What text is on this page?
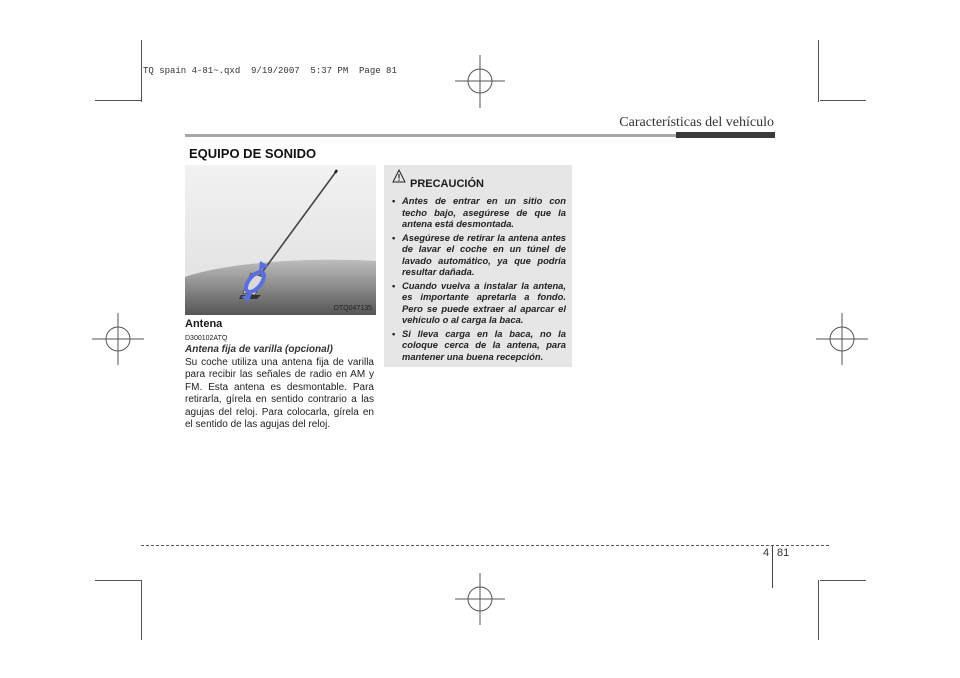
TQ spain 4-81~.qxd  9/19/2007  5:37 PM  Page 81
Características del vehículo
EQUIPO DE SONIDO
OTQ047135
Antena
D300102ATQ
Antena fija de varilla (opcional)
Su coche utiliza una antena fija de varilla para recibir las señales de radio en AM y FM. Esta antena es desmontable. Para retirarla, gírela en sentido contrario a las agujas del reloj. Para colocarla, gírela en el sentido de las agujas del reloj.
PRECAUCIÓN
• Antes de entrar en un sitio con techo bajo, asegúrese de que la antena está desmontada.
• Asegúrese de retirar la antena antes de lavar el coche en un túnel de lavado automático, ya que podría resultar dañada.
• Cuando vuelva a instalar la antena, es importante apretarla a fondo. Pero se puede extraer al aparcar el vehículo o al carga la baca.
• Si lleva carga en la baca, no la coloque cerca de la antena, para mantener una buena recepción.
4 81
